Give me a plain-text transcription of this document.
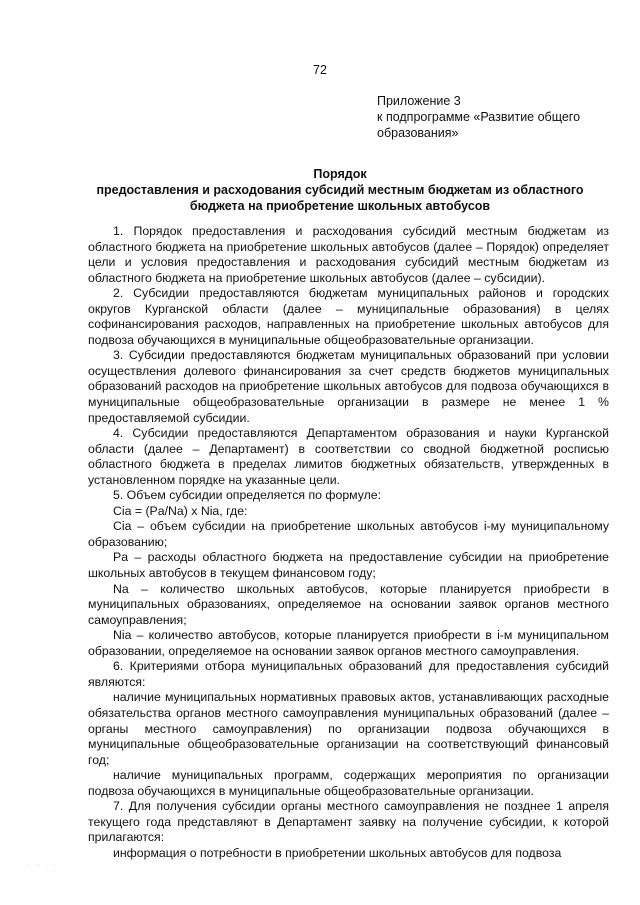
72
Приложение 3
к подпрограмме «Развитие общего
образования»
Порядок
предоставления и расходования субсидий местным бюджетам из областного
бюджета на приобретение школьных автобусов

1. Порядок предоставления и расходования субсидий местным бюджетам из областного бюджета на приобретение школьных автобусов (далее – Порядок) определяет цели и условия предоставления и расходования субсидий местным бюджетам из областного бюджета на приобретение школьных автобусов (далее – субсидии).

2. Субсидии предоставляются бюджетам муниципальных районов и городских округов Курганской области (далее – муниципальные образования) в целях софинансирования расходов, направленных на приобретение школьных автобусов для подвоза обучающихся в муниципальные общеобразовательные организации.

3. Субсидии предоставляются бюджетам муниципальных образований при условии осуществления долевого финансирования за счет средств бюджетов муниципальных образований расходов на приобретение школьных автобусов для подвоза обучающихся в муниципальные общеобразовательные организации в размере не менее 1 % предоставляемой субсидии.

4. Субсидии предоставляются Департаментом образования и науки Курганской области (далее – Департамент) в соответствии со сводной бюджетной росписью областного бюджета в пределах лимитов бюджетных обязательств, утвержденных в установленном порядке на указанные цели.

5. Объем субсидии определяется по формуле:

Cia = (Pa/Na) x Nia, где:

Cia – объем субсидии на приобретение школьных автобусов i-му муниципальному образованию;

Pa – расходы областного бюджета на предоставление субсидии на приобретение школьных автобусов в текущем финансовом году;

Na – количество школьных автобусов, которые планируется приобрести в муниципальных образованиях, определяемое на основании заявок органов местного самоуправления;

Nia – количество автобусов, которые планируется приобрести в i-м муниципальном образовании, определяемое на основании заявок органов местного самоуправления.

6. Критериями отбора муниципальных образований для предоставления субсидий являются:

наличие муниципальных нормативных правовых актов, устанавливающих расходные обязательства органов местного самоуправления муниципальных образований (далее – органы местного самоуправления) по организации подвоза обучающихся в муниципальные общеобразовательные организации на соответствующий финансовый год;

наличие муниципальных программ, содержащих мероприятия по организации подвоза обучающихся в муниципальные общеобразовательные организации.

7. Для получения субсидии органы местного самоуправления не позднее 1 апреля текущего года представляют в Департамент заявку на получение субсидии, к которой прилагаются:

информация о потребности в приобретении школьных автобусов для подвоза

· · · ·
